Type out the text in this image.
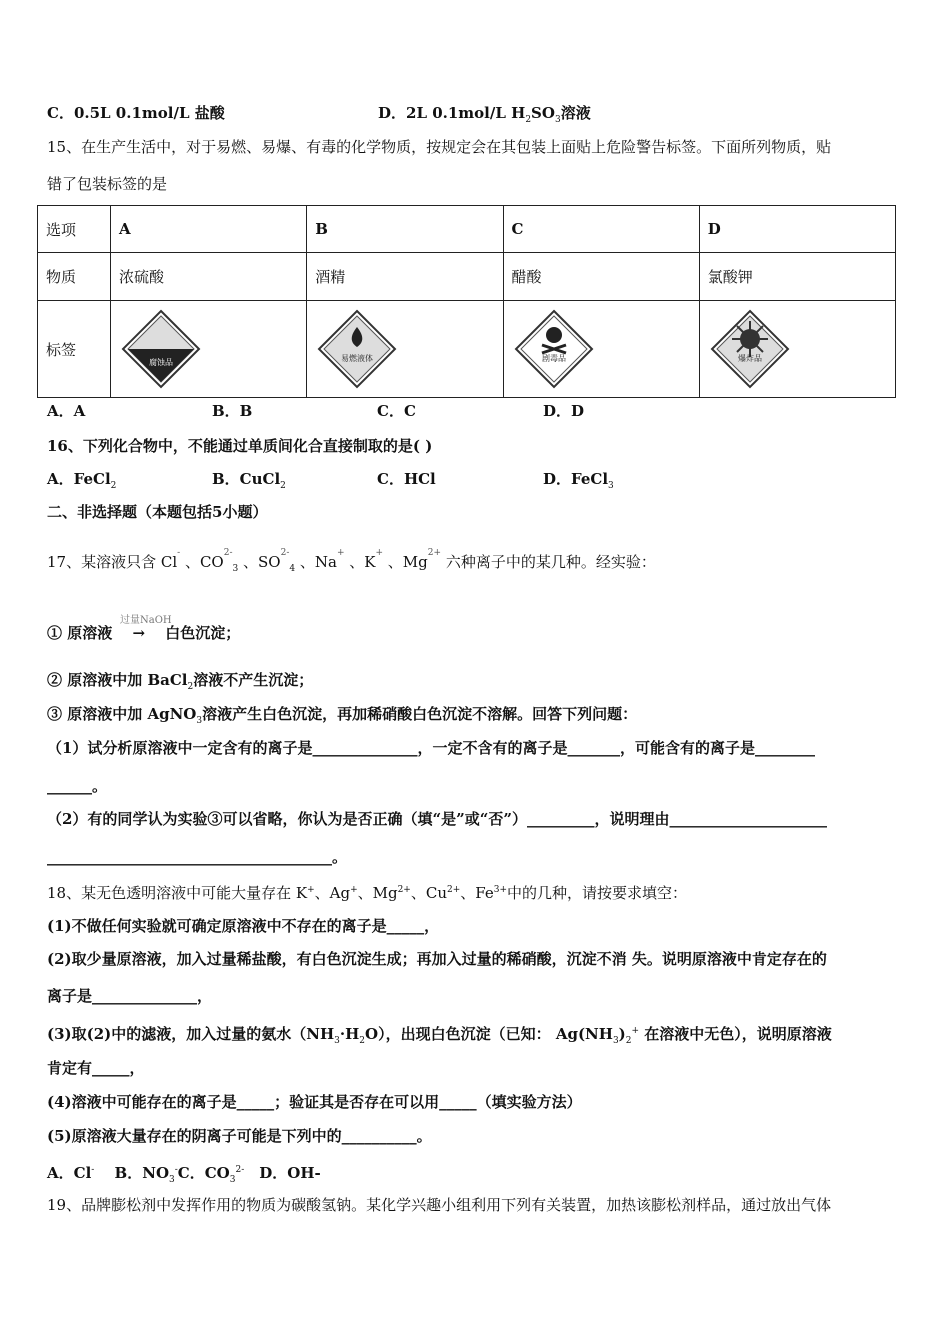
C．0.5L 0.1mol/L 盐酸	D．2L 0.1mol/L $H_2SO_3$溶液
15、在生产生活中，对于易燃、易爆、有毒的化学物质，按规定会在其包装上面贴上危险警告标签。下面所列物质，贴
错了包装标签的是
A．A	B．B	C．C	D．D
16、下列化合物中，不能通过单质间化合直接制取的是( )
A．FeCl$_2$	B．CuCl$_2$	C．HCl	D．FeCl$_3$
二、非选择题（本题包括5小题）
17、某溶液只含 Cl- 、$CO^{2-}_3$ 、$SO^{2-}_4$ 、Na+ 、K+ 、$Mg^{2+}$ 六种离子中的某几种。经实验：
过量NaOH
① 原溶液　 →　 白色沉淀；
② 原溶液中加 BaCl$_2$溶液不产生沉淀；
③ 原溶液中加 AgNO$_3$溶液产生白色沉淀，再加稀硝酸白色沉淀不溶解。回答下列问题：
（1）试分析原溶液中一定含有的离子是______________，一定不含有的离子是_______，可能含有的离子是________
______。
（2）有的同学认为实验③可以省略，你认为是否正确（填“是”或“否”）_________，说明理由_____________________
______________________________________。
18、某无色透明溶液中可能大量存在 K+、Ag+、$Mg^{2+}$、$Cu^{2+}$、$Fe^{3+}$中的几种，请按要求填空：
(1)不做任何实验就可确定原溶液中不存在的离子是_____，
(2)取少量原溶液，加入过量稀盐酸，有白色沉淀生成；再加入过量的稀硝酸，沉淀不消 失。说明原溶液中肯定存在的
离子是______________，
(3)取(2)中的滤液，加入过量的氨水$(NH_3\cdot H_2O)$，出现白色沉淀（已知： $Ag(NH_3)_2^+$ 在溶液中无色），说明原溶液
肯定有_____，
(4)溶液中可能存在的离子是_____；验证其是否存在可以用_____（填实验方法）
(5)原溶液大量存在的阴离子可能是下列中的__________。
A．Cl-　 B．$NO_3^-C$．$CO_3^{2-}$　D．OH-
19、品牌膨松剂中发挥作用的物质为碳酸氢钠。某化学兴趣小组利用下列有关装置，加热该膨松剂样品，通过放出气体
选项	A	B	C	D
物质	浓硫酸	酒精	醋酸	氯酸钾
标签	腐蚀品	易燃液体	剧毒品	爆炸品
